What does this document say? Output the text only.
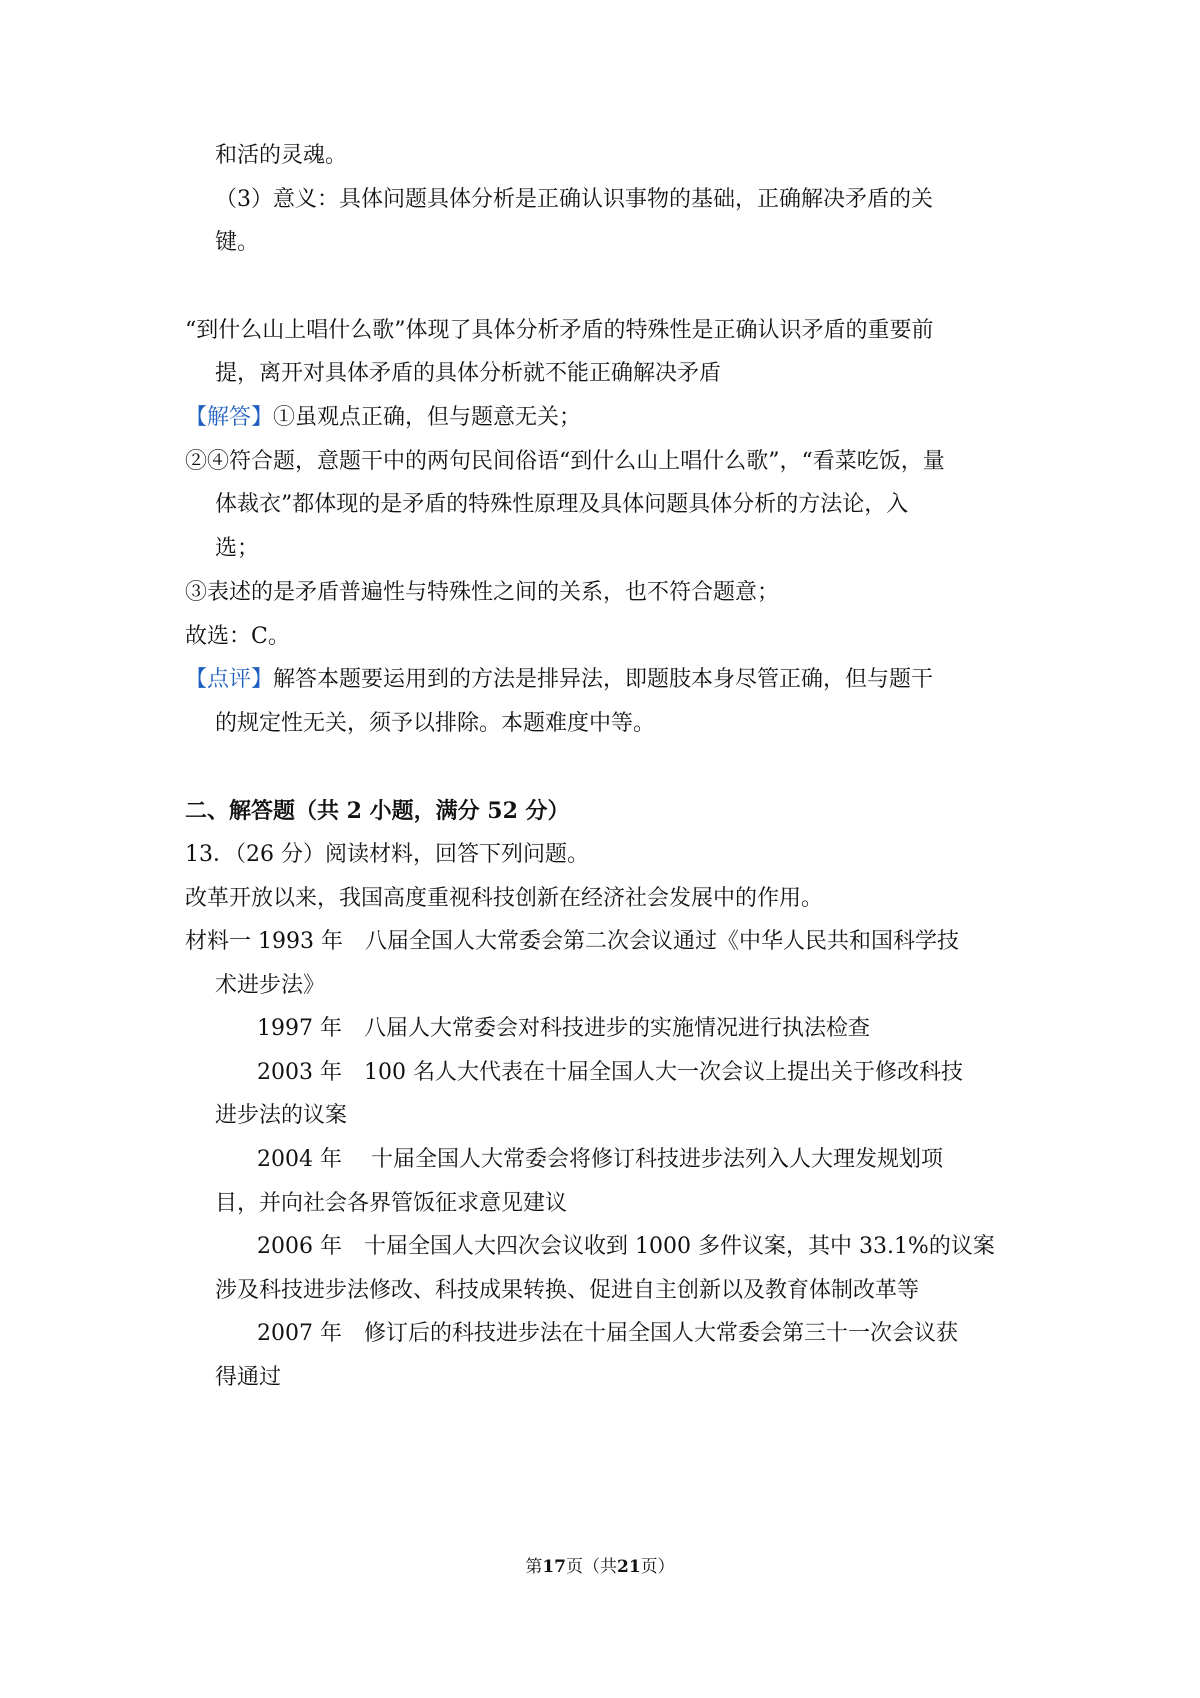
和活的灵魂。
（3）意义：具体问题具体分析是正确认识事物的基础，正确解决矛盾的关
键。
“到什么山上唱什么歌”体现了具体分析矛盾的特殊性是正确认识矛盾的重要前
提，离开对具体矛盾的具体分析就不能正确解决矛盾
【解答】①虽观点正确，但与题意无关；
②④符合题，意题干中的两句民间俗语“到什么山上唱什么歌”，“看菜吃饭，量
体裁衣”都体现的是矛盾的特殊性原理及具体问题具体分析的方法论，入
选；
③表述的是矛盾普遍性与特殊性之间的关系，也不符合题意；
故选：C。
【点评】解答本题要运用到的方法是排异法，即题肢本身尽管正确，但与题干
的规定性无关，须予以排除。本题难度中等。
二、解答题（共 2 小题，满分 52 分）
13．（26 分）阅读材料，回答下列问题。
改革开放以来，我国高度重视科技创新在经济社会发展中的作用。
材料一 1993 年　八届全国人大常委会第二次会议通过《中华人民共和国科学技
术进步法》
1997 年　八届人大常委会对科技进步的实施情况进行执法检查
2003 年　100 名人大代表在十届全国人大一次会议上提出关于修改科技
进步法的议案
2004 年　 十届全国人大常委会将修订科技进步法列入人大理发规划项
目，并向社会各界管饭征求意见建议
2006 年　十届全国人大四次会议收到 1000 多件议案，其中 33.1%的议案
涉及科技进步法修改、科技成果转换、促进自主创新以及教育体制改革等
2007 年　修订后的科技进步法在十届全国人大常委会第三十一次会议获
得通过
第17页（共21页）
